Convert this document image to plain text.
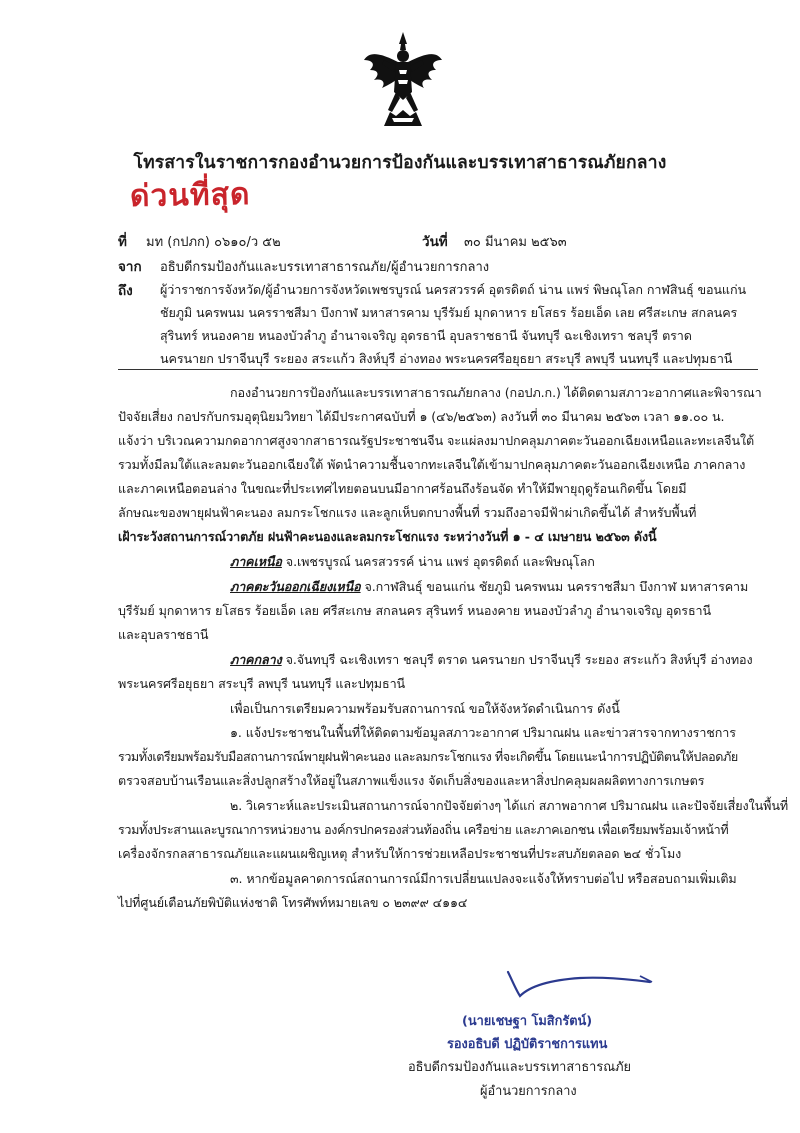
โทรสารในราชการกองอำนวยการป้องกันและบรรเทาสาธารณภัยกลาง
ด่วนที่สุด
ที่ มท (กปภก) ๐๖๑๐/ว ๕๒	วันที่ ๓๐ มีนาคม ๒๕๖๓
จาก อธิบดีกรมป้องกันและบรรเทาสาธารณภัย/ผู้อำนวยการกลาง
ถึง ผู้ว่าราชการจังหวัด/ผู้อำนวยการจังหวัดเพชรบูรณ์ นครสวรรค์ อุตรดิตถ์ น่าน แพร่ พิษณุโลก กาฬสินธุ์ ขอนแก่น
ชัยภูมิ นครพนม นครราชสีมา บึงกาฬ มหาสารคาม บุรีรัมย์ มุกดาหาร ยโสธร ร้อยเอ็ด เลย ศรีสะเกษ สกลนคร
สุรินทร์ หนองคาย หนองบัวลำภู อำนาจเจริญ อุดรธานี อุบลราชธานี จันทบุรี ฉะเชิงเทรา ชลบุรี ตราด
นครนายก ปราจีนบุรี ระยอง สระแก้ว สิงห์บุรี อ่างทอง พระนครศรีอยุธยา สระบุรี ลพบุรี นนทบุรี และปทุมธานี
กองอำนวยการป้องกันและบรรเทาสาธารณภัยกลาง (กอปภ.ก.) ได้ติดตามสภาวะอากาศและพิจารณา
ปัจจัยเสี่ยง กอปรกับกรมอุตุนิยมวิทยา ได้มีประกาศฉบับที่ ๑ (๔๖/๒๕๖๓) ลงวันที่ ๓๐ มีนาคม ๒๕๖๓ เวลา ๑๑.๐๐ น.
แจ้งว่า บริเวณความกดอากาศสูงจากสาธารณรัฐประชาชนจีน จะแผ่ลงมาปกคลุมภาคตะวันออกเฉียงเหนือและทะเลจีนใต้
รวมทั้งมีลมใต้และลมตะวันออกเฉียงใต้ พัดนำความชื้นจากทะเลจีนใต้เข้ามาปกคลุมภาคตะวันออกเฉียงเหนือ ภาคกลาง
และภาคเหนือตอนล่าง ในขณะที่ประเทศไทยตอนบนมีอากาศร้อนถึงร้อนจัด ทำให้มีพายุฤดูร้อนเกิดขึ้น โดยมี
ลักษณะของพายุฝนฟ้าคะนอง ลมกระโชกแรง และลูกเห็บตกบางพื้นที่ รวมถึงอาจมีฟ้าผ่าเกิดขึ้นได้ สำหรับพื้นที่
เฝ้าระวังสถานการณ์วาตภัย ฝนฟ้าคะนองและลมกระโชกแรง ระหว่างวันที่ ๑ - ๔ เมษายน ๒๕๖๓ ดังนี้
ภาคเหนือ จ.เพชรบูรณ์ นครสวรรค์ น่าน แพร่ อุตรดิตถ์ และพิษณุโลก
ภาคตะวันออกเฉียงเหนือ จ.กาฬสินธุ์ ขอนแก่น ชัยภูมิ นครพนม นครราชสีมา บึงกาฬ มหาสารคาม
บุรีรัมย์ มุกดาหาร ยโสธร ร้อยเอ็ด เลย ศรีสะเกษ สกลนคร สุรินทร์ หนองคาย หนองบัวลำภู อำนาจเจริญ อุดรธานี
และอุบลราชธานี
ภาคกลาง จ.จันทบุรี ฉะเชิงเทรา ชลบุรี ตราด นครนายก ปราจีนบุรี ระยอง สระแก้ว สิงห์บุรี อ่างทอง
พระนครศรีอยุธยา สระบุรี ลพบุรี นนทบุรี และปทุมธานี
เพื่อเป็นการเตรียมความพร้อมรับสถานการณ์ ขอให้จังหวัดดำเนินการ ดังนี้
๑. แจ้งประชาชนในพื้นที่ให้ติดตามข้อมูลสภาวะอากาศ ปริมาณฝน และข่าวสารจากทางราชการ
รวมทั้งเตรียมพร้อมรับมือสถานการณ์พายุฝนฟ้าคะนอง และลมกระโชกแรง ที่จะเกิดขึ้น โดยแนะนำการปฏิบัติตนให้ปลอดภัย
ตรวจสอบบ้านเรือนและสิ่งปลูกสร้างให้อยู่ในสภาพแข็งแรง จัดเก็บสิ่งของและหาสิ่งปกคลุมผลผลิตทางการเกษตร
๒. วิเคราะห์และประเมินสถานการณ์จากปัจจัยต่างๆ ได้แก่ สภาพอากาศ ปริมาณฝน และปัจจัยเสี่ยงในพื้นที่
รวมทั้งประสานและบูรณาการหน่วยงาน องค์กรปกครองส่วนท้องถิ่น เครือข่าย และภาคเอกชน เพื่อเตรียมพร้อมเจ้าหน้าที่
เครื่องจักรกลสาธารณภัยและแผนเผชิญเหตุ สำหรับให้การช่วยเหลือประชาชนที่ประสบภัยตลอด ๒๔ ชั่วโมง
๓. หากข้อมูลคาดการณ์สถานการณ์มีการเปลี่ยนแปลงจะแจ้งให้ทราบต่อไป หรือสอบถามเพิ่มเติม
ไปที่ศูนย์เตือนภัยพิบัติแห่งชาติ โทรศัพท์หมายเลข ๐ ๒๓๙๙ ๔๑๑๔
(นายเชษฐา โมสิกรัตน์)
รองอธิบดี ปฏิบัติราชการแทน
อธิบดีกรมป้องกันและบรรเทาสาธารณภัย
ผู้อำนวยการกลาง
